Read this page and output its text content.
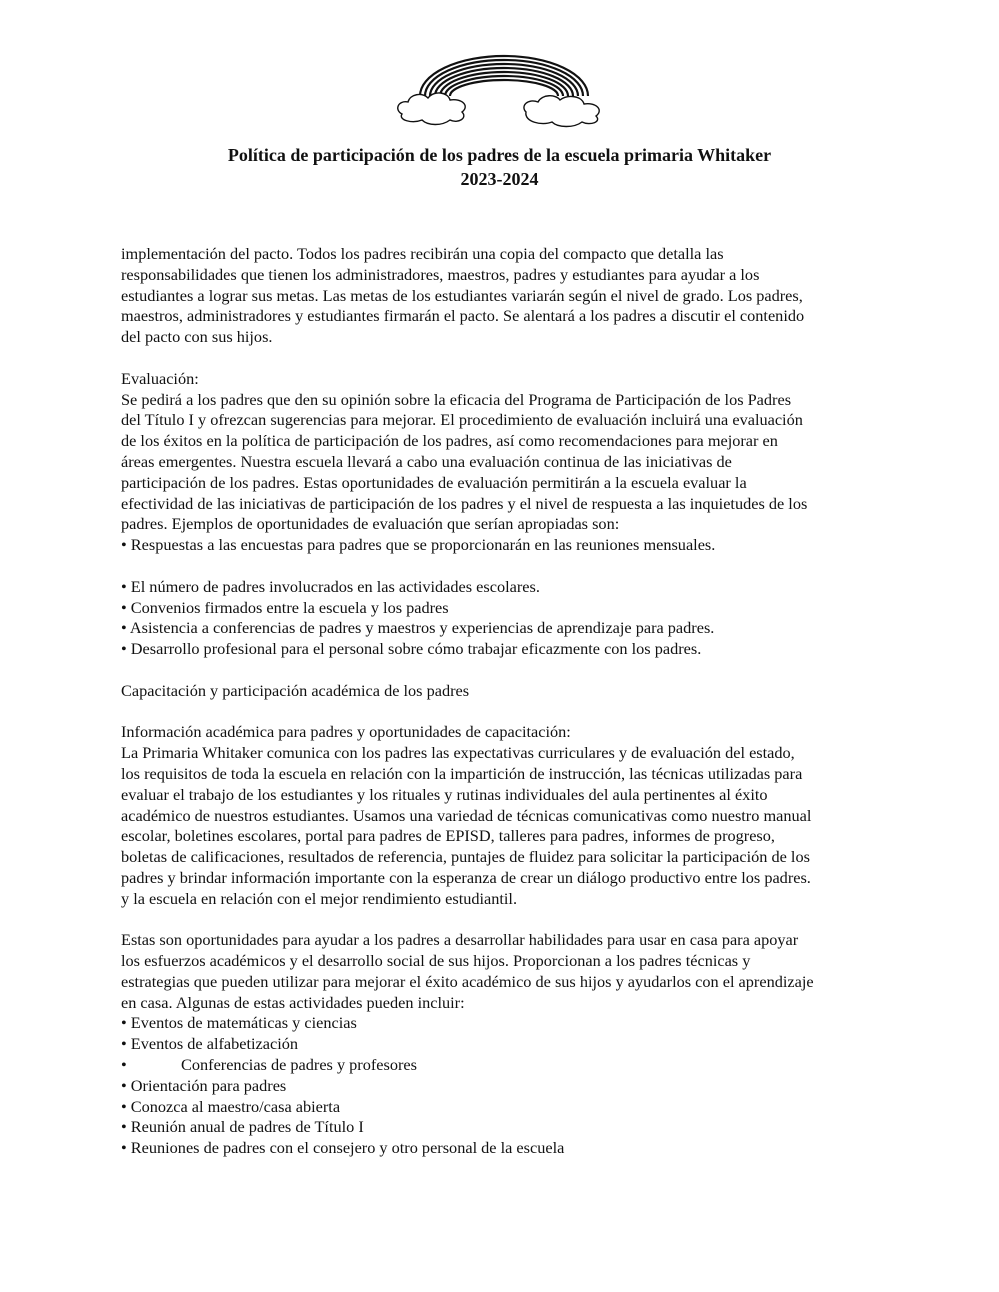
Política de participación de los padres de la escuela primaria Whitaker

2023-2024

implementación del pacto. Todos los padres recibirán una copia del compacto que detalla las
responsabilidades que tienen los administradores, maestros, padres y estudiantes para ayudar a los
estudiantes a lograr sus metas. Las metas de los estudiantes variarán según el nivel de grado. Los padres,
maestros, administradores y estudiantes firmarán el pacto. Se alentará a los padres a discutir el contenido
del pacto con sus hijos.
Evaluación:
Se pedirá a los padres que den su opinión sobre la eficacia del Programa de Participación de los Padres
del Título I y ofrezcan sugerencias para mejorar. El procedimiento de evaluación incluirá una evaluación
de los éxitos en la política de participación de los padres, así como recomendaciones para mejorar en
áreas emergentes. Nuestra escuela llevará a cabo una evaluación continua de las iniciativas de
participación de los padres. Estas oportunidades de evaluación permitirán a la escuela evaluar la
efectividad de las iniciativas de participación de los padres y el nivel de respuesta a las inquietudes de los
padres. Ejemplos de oportunidades de evaluación que serían apropiadas son:
• Respuestas a las encuestas para padres que se proporcionarán en las reuniones mensuales.
• El número de padres involucrados en las actividades escolares.
• Convenios firmados entre la escuela y los padres
• Asistencia a conferencias de padres y maestros y experiencias de aprendizaje para padres.
• Desarrollo profesional para el personal sobre cómo trabajar eficazmente con los padres.
Capacitación y participación académica de los padres
Información académica para padres y oportunidades de capacitación:
La Primaria Whitaker comunica con los padres las expectativas curriculares y de evaluación del estado,
los requisitos de toda la escuela en relación con la impartición de instrucción, las técnicas utilizadas para
evaluar el trabajo de los estudiantes y los rituales y rutinas individuales del aula pertinentes al éxito
académico de nuestros estudiantes. Usamos una variedad de técnicas comunicativas como nuestro manual
escolar, boletines escolares, portal para padres de EPISD, talleres para padres, informes de progreso,
boletas de calificaciones, resultados de referencia, puntajes de fluidez para solicitar la participación de los
padres y brindar información importante con la esperanza de crear un diálogo productivo entre los padres.
y la escuela en relación con el mejor rendimiento estudiantil.
Estas son oportunidades para ayudar a los padres a desarrollar habilidades para usar en casa para apoyar
los esfuerzos académicos y el desarrollo social de sus hijos. Proporcionan a los padres técnicas y
estrategias que pueden utilizar para mejorar el éxito académico de sus hijos y ayudarlos con el aprendizaje
en casa. Algunas de estas actividades pueden incluir:
• Eventos de matemáticas y ciencias
• Eventos de alfabetización
•	Conferencias de padres y profesores
• Orientación para padres
• Conozca al maestro/casa abierta
• Reunión anual de padres de Título I
• Reuniones de padres con el consejero y otro personal de la escuela
